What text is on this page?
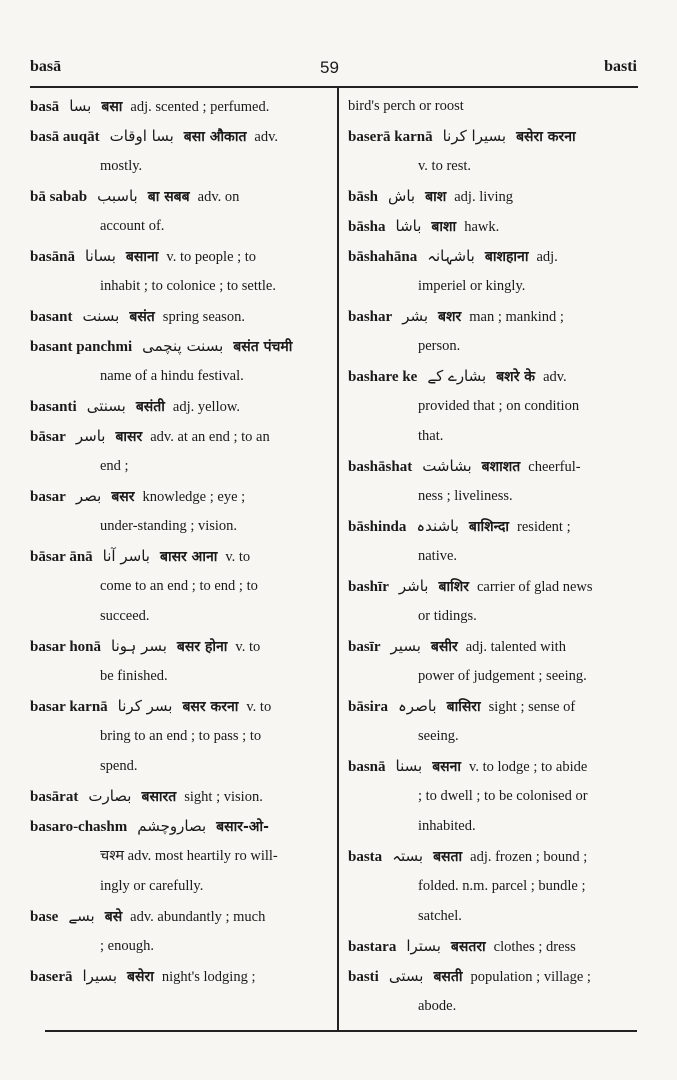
basā	59	basti
basā بسا बसा adj. scented ; perfumed.
basā auqāt بسا اوقات बसा औकात adv.
mostly.
bā sabab باسبب बा सबब adv. on
account of.
basānā بسانا बसाना v. to people ; to
inhabit ; to colonice ; to settle.
basant بسنت बसंत spring season.
basant panchmi بسنت پنچمی बसंत पंचमी
name of a hindu festival.
basanti بسنتی बसंती adj. yellow.
bāsar باسر बासर adv. at an end ; to an
end ;
basar بصر बसर knowledge ; eye ;
under-standing ; vision.
bāsar ānā باسر آنا बासर आना v. to
come to an end ; to end ; to
succeed.
basar honā بسر ہونا बसर होना v. to
be finished.
basar karnā بسر کرنا बसर करना v. to
bring to an end ; to pass ; to
spend.
basārat بصارت बसारत sight ; vision.
basaro-chashm بصاروچشم बसार-ओ-
चश्म adv. most heartily ro will-
ingly or carefully.
base بسے बसे adv. abundantly ; much
; enough.
baserā بسیرا बसेरा night's lodging ;
bird's perch or roost
baserā karnā بسیرا کرنا बसेरा करना
v. to rest.
bāsh باش बाश adj. living
bāsha باشا बाशा hawk.
bāshahāna باشہانہ बाशहाना adj.
imperiel or kingly.
bashar بشر बशर man ; mankind ;
person.
bashare ke بشارے کے बशरे के adv.
provided that ; on condition
that.
bashāshat بشاشت बशाशत cheerful-
ness ; liveliness.
bāshinda باشندہ बाशिन्दा resident ;
native.
bashīr باشر बाशिर carrier of glad news
or tidings.
basīr بسیر बसीर adj. talented with
power of judgement ; seeing.
bāsira باصرہ बासिरा sight ; sense of
seeing.
basnā بسنا बसना v. to lodge ; to abide
; to dwell ; to be colonised or
inhabited.
basta بستہ बसता adj. frozen ; bound ;
folded. n.m. parcel ; bundle ;
satchel.
bastara بسترا बसतरा clothes ; dress
basti بستی बसती population ; village ;
abode.
